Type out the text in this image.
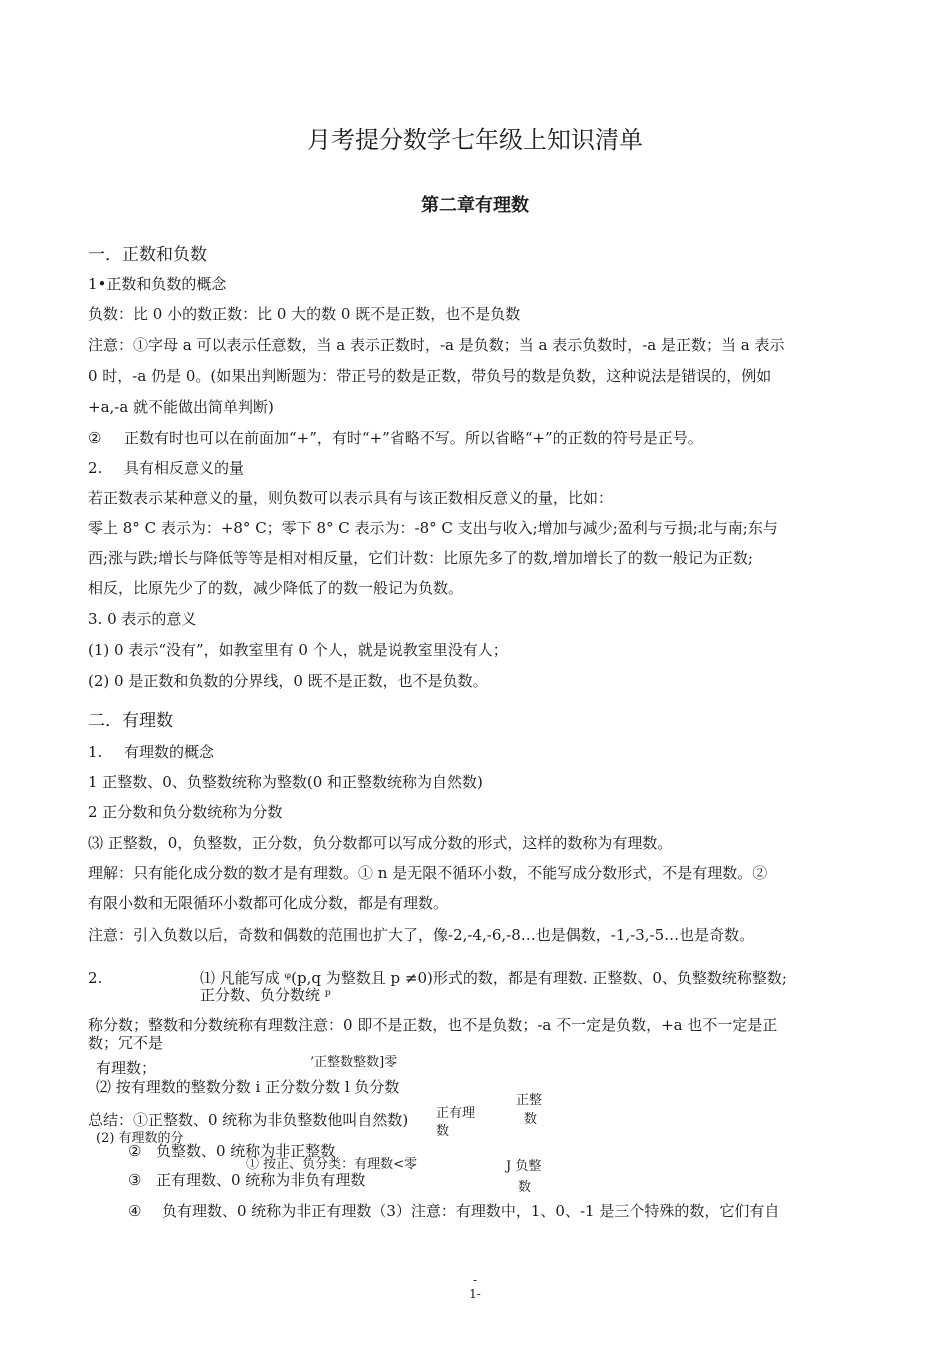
月考提分数学七年级上知识清单
第二章有理数
一．正数和负数
1•正数和负数的概念
负数：比 0 小的数正数：比 0 大的数 0 既不是正数，也不是负数
注意：①字母 a 可以表示任意数，当 a 表示正数时，-a 是负数；当 a 表示负数时，-a 是正数；当 a 表示
0 时，-a 仍是 0。(如果出判断题为：带正号的数是正数，带负号的数是负数，这种说法是错误的，例如
+a,-a 就不能做出简单判断)
② 正数有时也可以在前面加“+”，有时“+”省略不写。所以省略“+”的正数的符号是正号。
2. 具有相反意义的量
若正数表示某种意义的量，则负数可以表示具有与该正数相反意义的量，比如：
零上 8° C 表示为：+8° C；零下 8° C 表示为：-8° C 支出与收入;增加与减少;盈利与亏损;北与南;东与
西;涨与跌;增长与降低等等是相对相反量，它们计数：比原先多了的数,增加增长了的数一般记为正数;
相反，比原先少了的数，减少降低了的数一般记为负数。
3. 0 表示的意义
(1) 0 表示“没有”，如教室里有 0 个人，就是说教室里没有人；
(2) 0 是正数和负数的分界线，0 既不是正数，也不是负数。
二．有理数
1. 有理数的概念
1 正整数、0、负整数统称为整数(0 和正整数统称为自然数)
2 正分数和负分数统称为分数
⑶ 正整数，0，负整数，正分数，负分数都可以写成分数的形式，这样的数称为有理数。
理解：只有能化成分数的数才是有理数。① n 是无限不循环小数，不能写成分数形式，不是有理数。②
有限小数和无限循环小数都可化成分数，都是有理数。
注意：引入负数以后，奇数和偶数的范围也扩大了，像-2,-4,-6,-8…也是偶数，-1,-3,-5…也是奇数。
2.	⑴ 凡能写成 ᵠ(p,q 为整数且 p ≠0)形式的数，都是有理数. 正整数、0、负整数统称整数;
正分数、负分数统 ᵖ
称分数；整数和分数统称有理数注意：0 即不是正数，也不是负数；-a 不一定是负数，+a 也不一定是正
数；冗不是
有理数；	’正整数整数]零
⑵ 按有理数的整数分数 i 正分数分数 l 负分数
总结：①正整数、0 统称为非负整数他叫自然数) 正有理
数
正整
数
(2) 有理数的分
② 负整数、0 统称为非正整数
① 按正、负分类：有理数<零	J 负整
数
③ 正有理数、0 统称为非负有理数
④ 负有理数、0 统称为非正有理数（3）注意：有理数中，1、0、-1 是三个特殊的数，它们有自
-
1-
